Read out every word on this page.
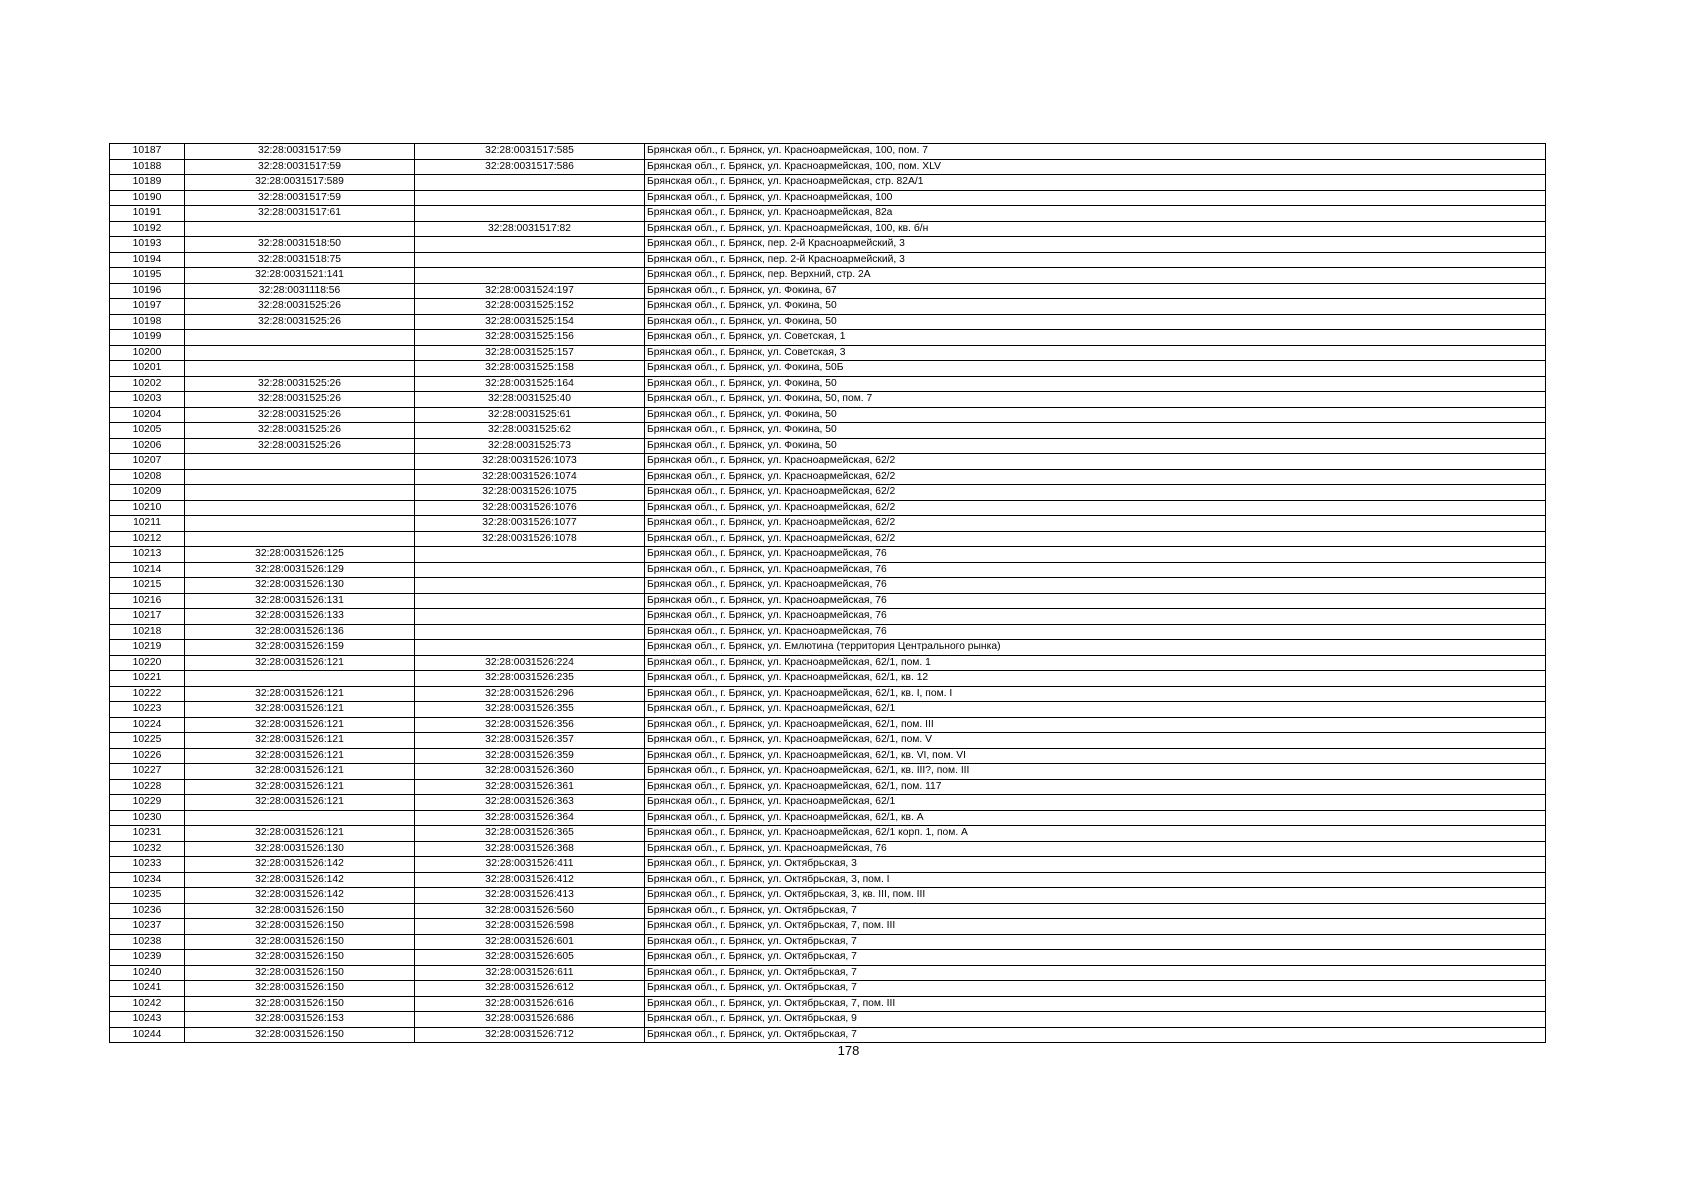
10187	32:28:0031517:59	32:28:0031517:585	Брянская обл., г. Брянск, ул. Красноармейская, 100, пом. 7
10188	32:28:0031517:59	32:28:0031517:586	Брянская обл., г. Брянск, ул. Красноармейская, 100, пом. XLV
10189	32:28:0031517:589		Брянская обл., г. Брянск, ул. Красноармейская, стр. 82А/1
10190	32:28:0031517:59		Брянская обл., г. Брянск, ул. Красноармейская, 100
10191	32:28:0031517:61		Брянская обл., г. Брянск, ул. Красноармейская, 82а
10192		32:28:0031517:82	Брянская обл., г. Брянск, ул. Красноармейская, 100, кв. б/н
10193	32:28:0031518:50		Брянская обл., г. Брянск, пер. 2-й Красноармейский, 3
10194	32:28:0031518:75		Брянская обл., г. Брянск, пер. 2-й Красноармейский, 3
10195	32:28:0031521:141		Брянская обл., г. Брянск, пер. Верхний, стр. 2А
10196	32:28:0031118:56	32:28:0031524:197	Брянская обл., г. Брянск, ул. Фокина, 67
10197	32:28:0031525:26	32:28:0031525:152	Брянская обл., г. Брянск, ул. Фокина, 50
10198	32:28:0031525:26	32:28:0031525:154	Брянская обл., г. Брянск, ул. Фокина, 50
10199		32:28:0031525:156	Брянская обл., г. Брянск, ул. Советская, 1
10200		32:28:0031525:157	Брянская обл., г. Брянск, ул. Советская, 3
10201		32:28:0031525:158	Брянская обл., г. Брянск, ул. Фокина, 50Б
10202	32:28:0031525:26	32:28:0031525:164	Брянская обл., г. Брянск, ул. Фокина, 50
10203	32:28:0031525:26	32:28:0031525:40	Брянская обл., г. Брянск, ул. Фокина, 50, пом. 7
10204	32:28:0031525:26	32:28:0031525:61	Брянская обл., г. Брянск, ул. Фокина, 50
10205	32:28:0031525:26	32:28:0031525:62	Брянская обл., г. Брянск, ул. Фокина, 50
10206	32:28:0031525:26	32:28:0031525:73	Брянская обл., г. Брянск, ул. Фокина, 50
10207		32:28:0031526:1073	Брянская обл., г. Брянск, ул. Красноармейская, 62/2
10208		32:28:0031526:1074	Брянская обл., г. Брянск, ул. Красноармейская, 62/2
10209		32:28:0031526:1075	Брянская обл., г. Брянск, ул. Красноармейская, 62/2
10210		32:28:0031526:1076	Брянская обл., г. Брянск, ул. Красноармейская, 62/2
10211		32:28:0031526:1077	Брянская обл., г. Брянск, ул. Красноармейская, 62/2
10212		32:28:0031526:1078	Брянская обл., г. Брянск, ул. Красноармейская, 62/2
10213	32:28:0031526:125		Брянская обл., г. Брянск, ул. Красноармейская, 76
10214	32:28:0031526:129		Брянская обл., г. Брянск, ул. Красноармейская, 76
10215	32:28:0031526:130		Брянская обл., г. Брянск, ул. Красноармейская, 76
10216	32:28:0031526:131		Брянская обл., г. Брянск, ул. Красноармейская, 76
10217	32:28:0031526:133		Брянская обл., г. Брянск, ул. Красноармейская, 76
10218	32:28:0031526:136		Брянская обл., г. Брянск, ул. Красноармейская, 76
10219	32:28:0031526:159		Брянская обл., г. Брянск, ул. Емлютина (территория Центрального рынка)
10220	32:28:0031526:121	32:28:0031526:224	Брянская обл., г. Брянск, ул. Красноармейская, 62/1, пом. 1
10221		32:28:0031526:235	Брянская обл., г. Брянск, ул. Красноармейская, 62/1, кв. 12
10222	32:28:0031526:121	32:28:0031526:296	Брянская обл., г. Брянск, ул. Красноармейская, 62/1, кв. I, пом. I
10223	32:28:0031526:121	32:28:0031526:355	Брянская обл., г. Брянск, ул. Красноармейская, 62/1
10224	32:28:0031526:121	32:28:0031526:356	Брянская обл., г. Брянск, ул. Красноармейская, 62/1, пом. III
10225	32:28:0031526:121	32:28:0031526:357	Брянская обл., г. Брянск, ул. Красноармейская, 62/1, пом. V
10226	32:28:0031526:121	32:28:0031526:359	Брянская обл., г. Брянск, ул. Красноармейская, 62/1, кв. VI, пом. VI
10227	32:28:0031526:121	32:28:0031526:360	Брянская обл., г. Брянск, ул. Красноармейская, 62/1, кв. III?, пом. III
10228	32:28:0031526:121	32:28:0031526:361	Брянская обл., г. Брянск, ул. Красноармейская, 62/1, пом. 117
10229	32:28:0031526:121	32:28:0031526:363	Брянская обл., г. Брянск, ул. Красноармейская, 62/1
10230		32:28:0031526:364	Брянская обл., г. Брянск, ул. Красноармейская, 62/1, кв. А
10231	32:28:0031526:121	32:28:0031526:365	Брянская обл., г. Брянск, ул. Красноармейская, 62/1 корп. 1, пом. А
10232	32:28:0031526:130	32:28:0031526:368	Брянская обл., г. Брянск, ул. Красноармейская, 76
10233	32:28:0031526:142	32:28:0031526:411	Брянская обл., г. Брянск, ул. Октябрьская, 3
10234	32:28:0031526:142	32:28:0031526:412	Брянская обл., г. Брянск, ул. Октябрьская, 3, пом. I
10235	32:28:0031526:142	32:28:0031526:413	Брянская обл., г. Брянск, ул. Октябрьская, 3, кв. III, пом. III
10236	32:28:0031526:150	32:28:0031526:560	Брянская обл., г. Брянск, ул. Октябрьская, 7
10237	32:28:0031526:150	32:28:0031526:598	Брянская обл., г. Брянск, ул. Октябрьская, 7, пом. III
10238	32:28:0031526:150	32:28:0031526:601	Брянская обл., г. Брянск, ул. Октябрьская, 7
10239	32:28:0031526:150	32:28:0031526:605	Брянская обл., г. Брянск, ул. Октябрьская, 7
10240	32:28:0031526:150	32:28:0031526:611	Брянская обл., г. Брянск, ул. Октябрьская, 7
10241	32:28:0031526:150	32:28:0031526:612	Брянская обл., г. Брянск, ул. Октябрьская, 7
10242	32:28:0031526:150	32:28:0031526:616	Брянская обл., г. Брянск, ул. Октябрьская, 7, пом. III
10243	32:28:0031526:153	32:28:0031526:686	Брянская обл., г. Брянск, ул. Октябрьская, 9
10244	32:28:0031526:150	32:28:0031526:712	Брянская обл., г. Брянск, ул. Октябрьская, 7
178
